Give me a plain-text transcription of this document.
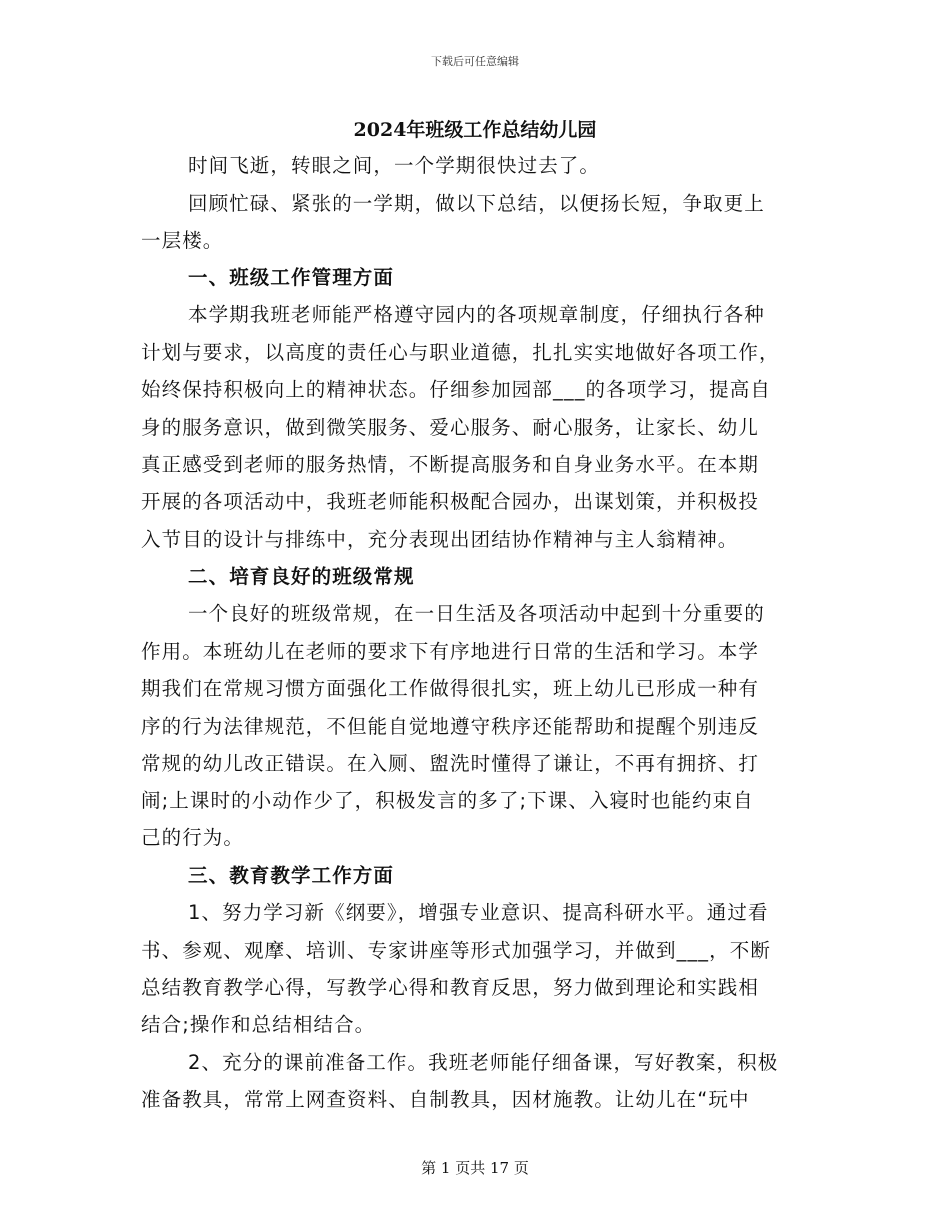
下载后可任意编辑
2024年班级工作总结幼儿园
时间飞逝，转眼之间，一个学期很快过去了。
回顾忙碌、紧张的一学期，做以下总结，以便扬长短，争取更上
一层楼。
一、班级工作管理方面
本学期我班老师能严格遵守园内的各项规章制度，仔细执行各种
计划与要求，以高度的责任心与职业道德，扎扎实实地做好各项工作，
始终保持积极向上的精神状态。仔细参加园部___的各项学习，提高自
身的服务意识，做到微笑服务、爱心服务、耐心服务，让家长、幼儿
真正感受到老师的服务热情，不断提高服务和自身业务水平。在本期
开展的各项活动中，我班老师能积极配合园办，出谋划策，并积极投
入节目的设计与排练中，充分表现出团结协作精神与主人翁精神。
二、培育良好的班级常规
一个良好的班级常规，在一日生活及各项活动中起到十分重要的
作用。本班幼儿在老师的要求下有序地进行日常的生活和学习。本学
期我们在常规习惯方面强化工作做得很扎实，班上幼儿已形成一种有
序的行为法律规范，不但能自觉地遵守秩序还能帮助和提醒个别违反
常规的幼儿改正错误。在入厕、盥洗时懂得了谦让，不再有拥挤、打
闹;上课时的小动作少了，积极发言的多了;下课、入寝时也能约束自
己的行为。
三、教育教学工作方面
1、努力学习新《纲要》，增强专业意识、提高科研水平。通过看
书、参观、观摩、培训、专家讲座等形式加强学习，并做到___，不断
总结教育教学心得，写教学心得和教育反思，努力做到理论和实践相
结合;操作和总结相结合。
2、充分的课前准备工作。我班老师能仔细备课，写好教案，积极
准备教具，常常上网查资料、自制教具，因材施教。让幼儿在“玩中
第 1 页共 17 页
